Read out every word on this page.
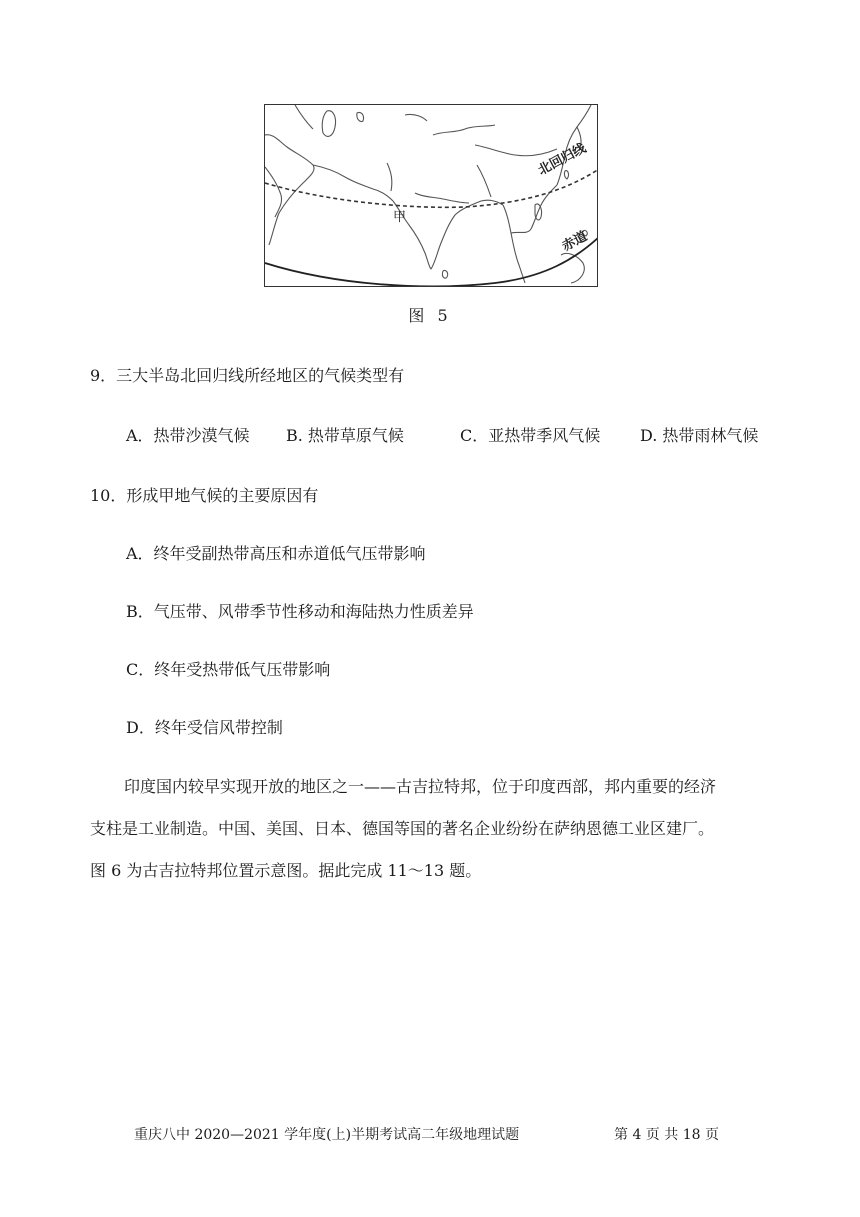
北回归线
赤道
甲
图 5
9．三大半岛北回归线所经地区的气候类型有
A．热带沙漠气候 B. 热带草原气候	C．亚热带季风气候 D. 热带雨林气候
10．形成甲地气候的主要原因有
A．终年受副热带高压和赤道低气压带影响
B．气压带、风带季节性移动和海陆热力性质差异
C．终年受热带低气压带影响
D．终年受信风带控制
印度国内较早实现开放的地区之一——古吉拉特邦，位于印度西部，邦内重要的经济
支柱是工业制造。中国、美国、日本、德国等国的著名企业纷纷在萨纳恩德工业区建厂。
图 6 为古吉拉特邦位置示意图。据此完成 11～13 题。
重庆八中 2020—2021 学年度(上)半期考试高二年级地理试题	第 4 页 共 18 页
